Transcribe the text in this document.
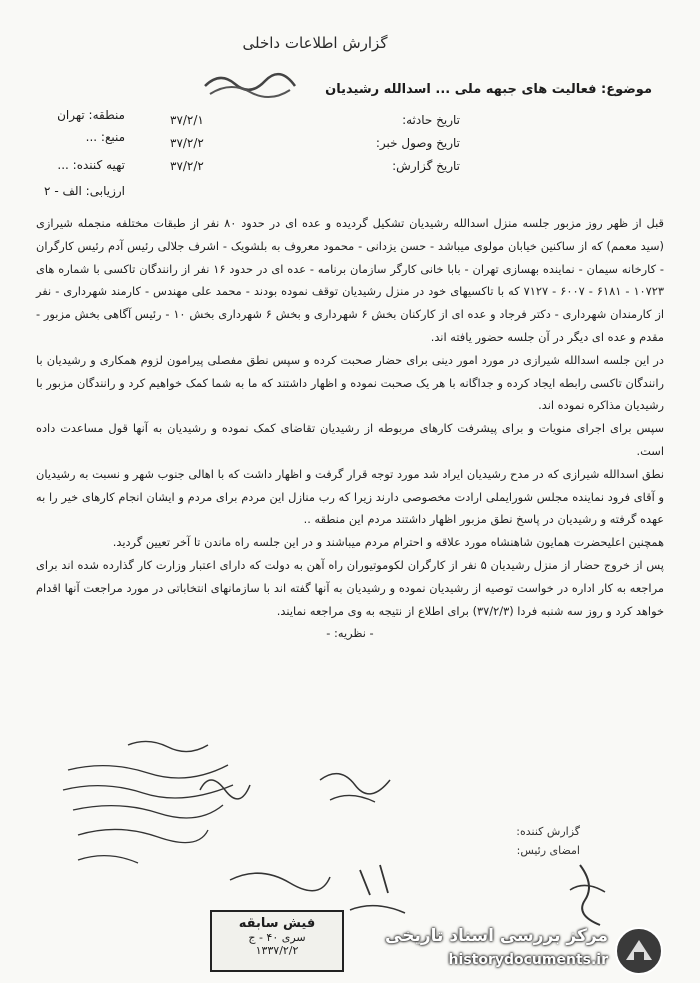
گزارش اطلاعات داخلی
موضوع: فعالیت های جبهه ملی ... اسدالله رشیدیان
منطقه: تهران
منبع: ...
تهیه کننده: ...
ارزیابی: الف - ۲
تاریخ حادثه:
۳۷/۲/۱
تاریخ وصول خبر:
۳۷/۲/۲
تاریخ گزارش:
۳۷/۲/۲

قبل از ظهر روز مزبور جلسه منزل اسدالله رشیدیان تشکیل گردیده و عده ای در حدود ۸۰ نفر از طبقات مختلفه منجمله شیرازی (سید معمم) که از ساکنین خیابان مولوی میباشد - حسن یزدانی - محمود معروف به بلشویک - اشرف جلالی رئیس آدم رئیس کارگران - کارخانه سیمان - نماینده بهسازی تهران - بابا خانی کارگر سازمان برنامه - عده ای در حدود ۱۶ نفر از رانندگان تاکسی با شماره های ۱۰۷۲۳ - ۶۱۸۱ - ۶۰۰۷ - ۷۱۲۷ که با تاکسیهای خود در منزل رشیدیان توقف نموده بودند - محمد علی مهندس - کارمند شهرداری - نفر از کارمندان شهرداری - دکتر فرجاد و عده ای از کارکنان بخش ۶ شهرداری و بخش ۶ شهرداری بخش ۱۰ - رئیس آگاهی بخش مزبور - مقدم و عده ای دیگر در آن جلسه حضور یافته اند.

در این جلسه اسدالله شیرازی در مورد امور دینی برای حضار صحبت کرده و سپس نطق مفصلی پیرامون لزوم همکاری و رشیدیان با رانندگان تاکسی رابطه ایجاد کرده و جداگانه با هر یک صحبت نموده و اظهار داشتند که ما به شما کمک خواهیم کرد و رانندگان مزبور با رشیدیان مذاکره نموده اند.

سپس برای اجرای منویات و برای پیشرفت کارهای مربوطه از رشیدیان تقاضای کمک نموده و رشیدیان به آنها قول مساعدت داده است.

نطق اسدالله شیرازی که در مدح رشیدیان ایراد شد مورد توجه قرار گرفت و اظهار داشت که با اهالی جنوب شهر و نسبت به رشیدیان و آقای فرود نماینده مجلس شورایملی ارادت مخصوصی دارند زیرا که رب منازل این مردم برای مردم و ایشان انجام کارهای خیر را به عهده گرفته و رشیدیان در پاسخ نطق مزبور اظهار داشتند مردم این منطقه ..

همچنین اعلیحضرت همایون شاهنشاه مورد علاقه و احترام مردم میباشند و در این جلسه راه ماندن تا آخر تعیین گردید.

پس از خروج حضار از منزل رشیدیان ۵ نفر از کارگران لکوموتیوران راه آهن به دولت که دارای اعتبار وزارت کار گذارده شده اند برای مراجعه به کار اداره در خواست توصیه از رشیدیان نموده و رشیدیان به آنها گفته اند با سازمانهای انتخاباتی در مورد مراجعت آنها اقدام خواهد کرد و روز سه شنبه فردا (۳۷/۲/۳) برای اطلاع از نتیجه به وی مراجعه نمایند.

- نظریه: -

گزارش کننده:
امضای رئیس:
فیش سابقه
سری ۴۰ - ج
۱۳۳۷/۲/۲
مرکز بررسی اسناد تاریخی
historydocuments.ir
